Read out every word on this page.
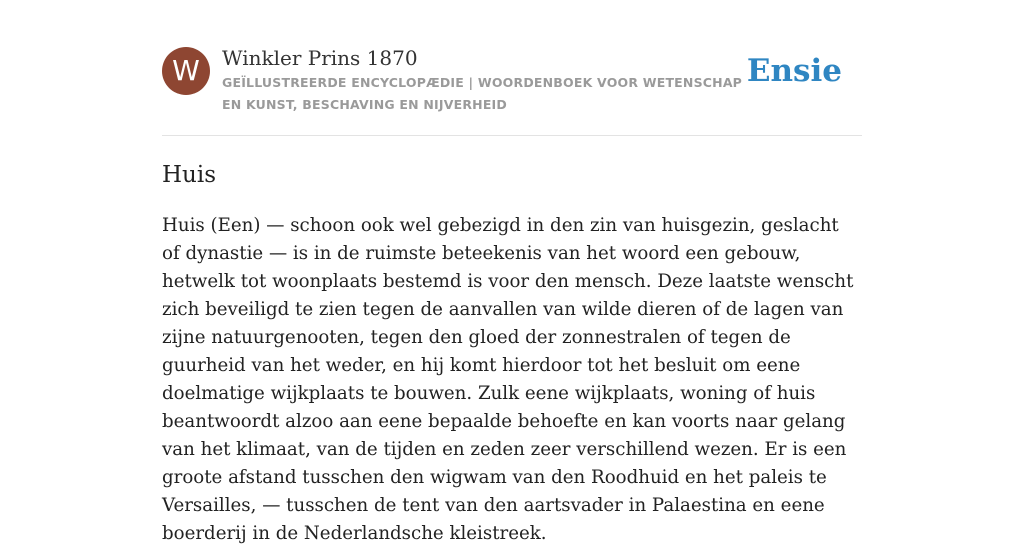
W	Winkler Prins 1870
GEÏLLUSTREERDE ENCYCLOPÆDIE | WOORDENBOEK VOOR WETENSCHAP EN KUNST, BESCHAVING EN NIJVERHEID
Ensie
Huis

Huis (Een) — schoon ook wel gebezigd in den zin van huisgezin, geslacht of dynastie — is in de ruimste beteekenis van het woord een gebouw, hetwelk tot woonplaats bestemd is voor den mensch. Deze laatste wenscht zich beveiligd te zien tegen de aanvallen van wilde dieren of de lagen van zijne natuurgenooten, tegen den gloed der zonnestralen of tegen de guurheid van het weder, en hij komt hierdoor tot het besluit om eene doelmatige wijkplaats te bouwen. Zulk eene wijkplaats, woning of huis beantwoordt alzoo aan eene bepaalde behoefte en kan voorts naar gelang van het klimaat, van de tijden en zeden zeer verschillend wezen. Er is een groote afstand tusschen den wigwam van den Roodhuid en het paleis te Versailles, — tusschen de tent van den aartsvader in Palaestina en eene boerderij in de Nederlandsche kleistreek.
